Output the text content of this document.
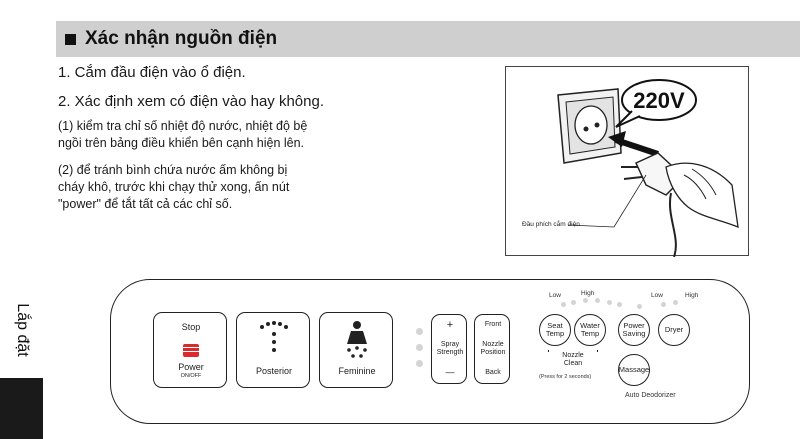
Xác nhận nguồn điện
1. Cắm đầu điện vào ổ điện.
2. Xác định xem có điện vào hay không.
(1) kiểm tra chỉ số nhiệt độ nước, nhiệt độ bệ
ngồi trên bảng điều khiển bên cạnh hiện lên.
(2) để tránh bình chứa nước ấm không bị
cháy khô, trước khi chạy thử xong, ấn nút
"power" để tắt tất cả các chỉ số.
220V
Đầu phích cắm điện
Lắp đặt	Stop
Power
ON/OFF	Posterior	Feminine
+
Spray
Strength
—
Front
Nozzle
Position
Back
Low	High	Low	High
Seat
Temp
Water
Temp
Power
Saving	Dryer
Nozzle
Clean
(Press for 2 seconds)
Massage
Auto Deodorizer
